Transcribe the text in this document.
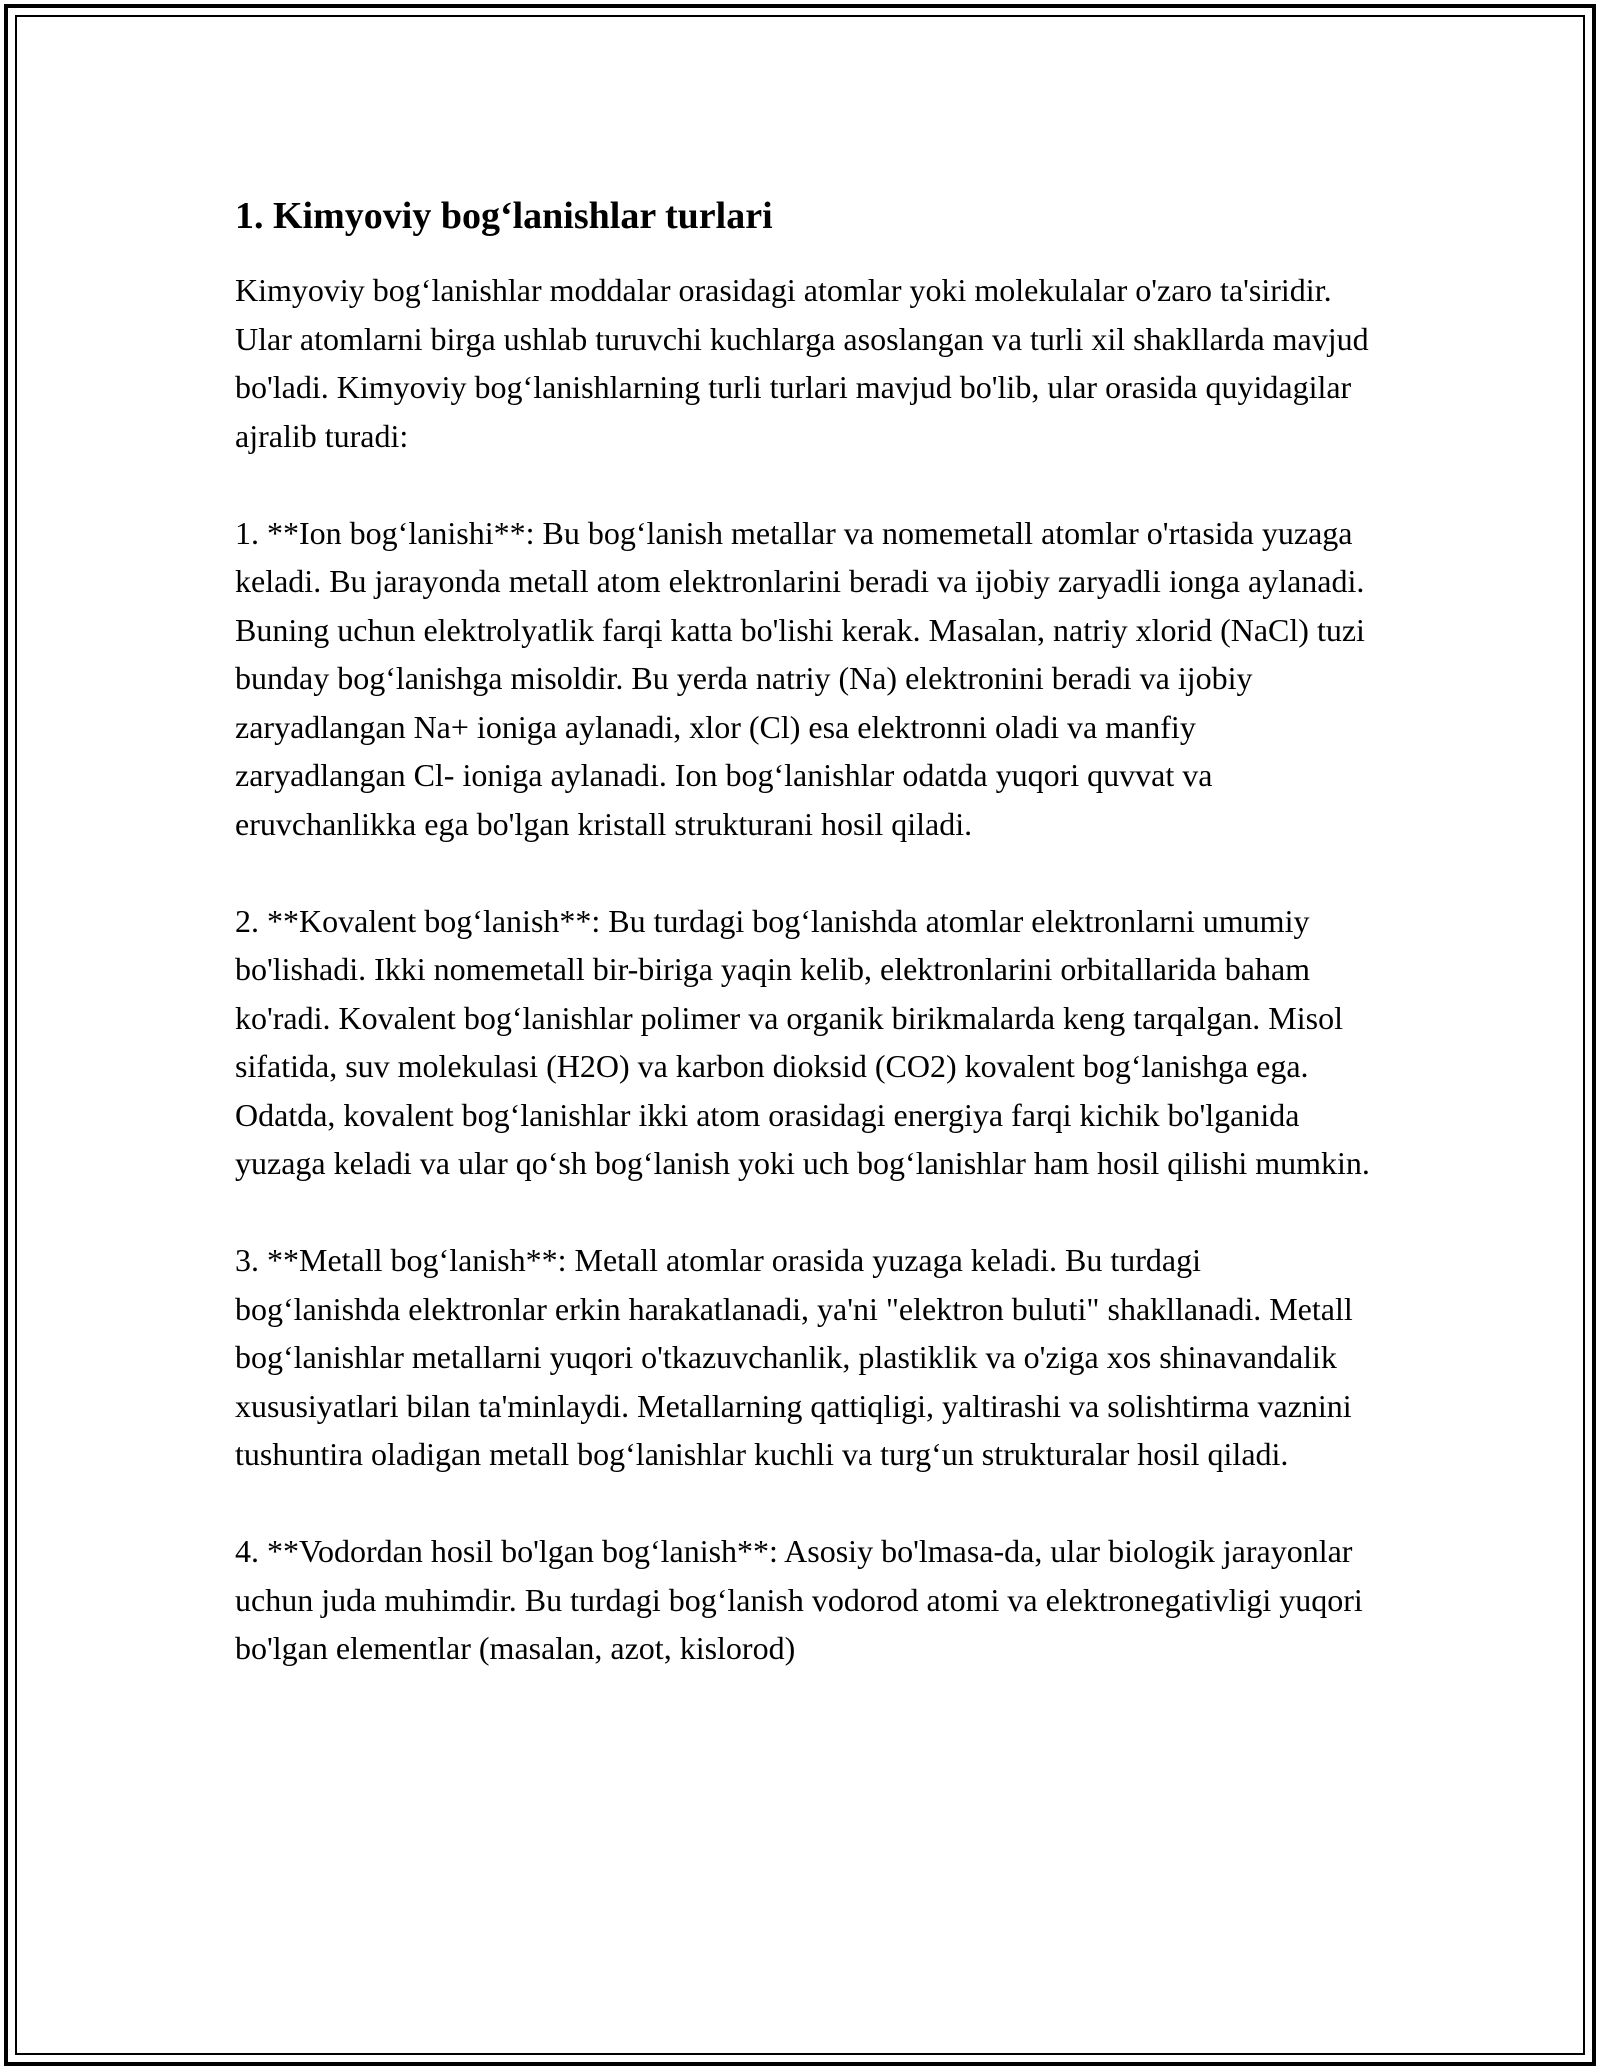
1. Kimyoviy bog‘lanishlar turlari

Kimyoviy bog‘lanishlar moddalar orasidagi atomlar yoki molekulalar o'zaro ta'siridir. Ular atomlarni birga ushlab turuvchi kuchlarga asoslangan va turli xil shakllarda mavjud bo'ladi. Kimyoviy bog‘lanishlarning turli turlari mavjud bo'lib, ular orasida quyidagilar ajralib turadi:

1. **Ion bog‘lanishi**: Bu bog‘lanish metallar va nomemetall atomlar o'rtasida yuzaga keladi. Bu jarayonda metall atom elektronlarini beradi va ijobiy zaryadli ionga aylanadi. Buning uchun elektrolyatlik farqi katta bo'lishi kerak. Masalan, natriy xlorid (NaCl) tuzi bunday bog‘lanishga misoldir. Bu yerda natriy (Na) elektronini beradi va ijobiy zaryadlangan Na+ ioniga aylanadi, xlor (Cl) esa elektronni oladi va manfiy zaryadlangan Cl- ioniga aylanadi. Ion bog‘lanishlar odatda yuqori quvvat va eruvchanlikka ega bo'lgan kristall strukturani hosil qiladi.

2. **Kovalent bog‘lanish**: Bu turdagi bog‘lanishda atomlar elektronlarni umumiy bo'lishadi. Ikki nomemetall bir-biriga yaqin kelib, elektronlarini orbitallarida baham ko'radi. Kovalent bog‘lanishlar polimer va organik birikmalarda keng tarqalgan. Misol sifatida, suv molekulasi (H2O) va karbon dioksid (CO2) kovalent bog‘lanishga ega. Odatda, kovalent bog‘lanishlar ikki atom orasidagi energiya farqi kichik bo'lganida yuzaga keladi va ular qo‘sh bog‘lanish yoki uch bog‘lanishlar ham hosil qilishi mumkin.

3. **Metall bog‘lanish**: Metall atomlar orasida yuzaga keladi. Bu turdagi bog‘lanishda elektronlar erkin harakatlanadi, ya'ni "elektron buluti" shakllanadi. Metall bog‘lanishlar metallarni yuqori o'tkazuvchanlik, plastiklik va o'ziga xos shinavandalik xususiyatlari bilan ta'minlaydi. Metallarning qattiqligi, yaltirashi va solishtirma vaznini tushuntira oladigan metall bog‘lanishlar kuchli va turg‘un strukturalar hosil qiladi.

4. **Vodordan hosil bo'lgan bog‘lanish**: Asosiy bo'lmasa-da, ular biologik jarayonlar uchun juda muhimdir. Bu turdagi bog‘lanish vodorod atomi va elektronegativligi yuqori bo'lgan elementlar (masalan, azot, kislorod)
